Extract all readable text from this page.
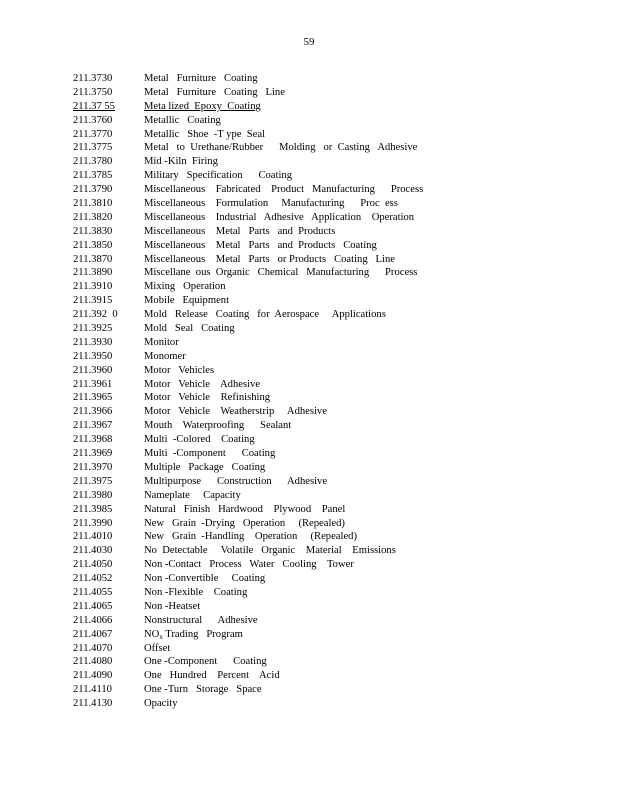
59
211.3730	Metal   Furniture   Coating
211.3750	Metal   Furniture   Coating   Line
211.37 55	Meta lized  Epoxy  Coating
211.3760	Metallic   Coating
211.3770	Metallic   Shoe  -T ype  Seal
211.3775	Metal   to  Urethane/Rubber      Molding   or  Casting   Adhesive
211.3780	Mid -Kiln  Firing
211.3785	Military   Specification      Coating
211.3790	Miscellaneous    Fabricated    Product   Manufacturing      Process
211.3810	Miscellaneous    Formulation     Manufacturing      Proc  ess
211.3820	Miscellaneous    Industrial   Adhesive   Application    Operation
211.3830	Miscellaneous    Metal   Parts   and  Products
211.3850	Miscellaneous    Metal   Parts   and  Products   Coating
211.3870	Miscellaneous    Metal   Parts   or Products   Coating   Line
211.3890	Miscellane  ous  Organic   Chemical   Manufacturing      Process
211.3910	Mixing   Operation
211.3915	Mobile   Equipment
211.392  0 Mold   Release   Coating   for  Aerospace     Applications
211.3925	Mold   Seal   Coating
211.3930	Monitor
211.3950	Monomer
211.3960	Motor   Vehicles
211.3961	Motor   Vehicle    Adhesive
211.3965	Motor   Vehicle    Refinishing
211.3966	Motor   Vehicle    Weatherstrip     Adhesive
211.3967	Mouth    Waterproofing      Sealant
211.3968	Multi  -Colored    Coating
211.3969	Multi  -Component      Coating
211.3970	Multiple   Package   Coating
211.3975	Multipurpose      Construction      Adhesive
211.3980	Nameplate     Capacity
211.3985	Natural   Finish   Hardwood    Plywood    Panel
211.3990	New   Grain  -Drying   Operation     (Repealed)
211.4010	New   Grain  -Handling    Operation     (Repealed)
211.4030	No  Detectable     Volatile   Organic    Material    Emissions
211.4050	Non -Contact   Process   Water   Cooling    Tower
211.4052	Non -Convertible     Coating
211.4055	Non -Flexible    Coating
211.4065	Non -Heatset
211.4066	Nonstructural      Adhesive
211.4067	$NO_x$ Trading   Program
211.4070	Offset
211.4080	One -Component      Coating
211.4090	One   Hundred    Percent    Acid
211.4110	One -Turn   Storage   Space
211.4130	Opacity
